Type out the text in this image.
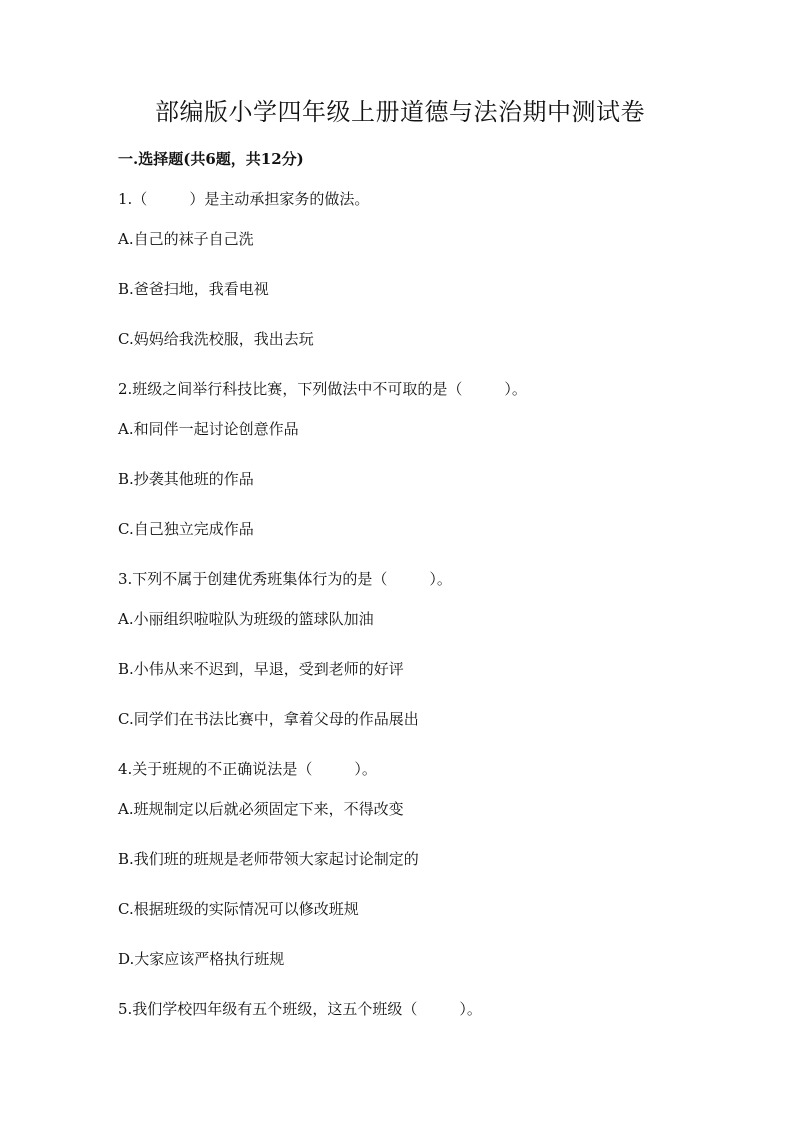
部编版小学四年级上册道德与法治期中测试卷

一.选择题(共6题，共12分)

1.（	）是主动承担家务的做法。

A.自己的袜子自己洗

B.爸爸扫地，我看电视

C.妈妈给我洗校服，我出去玩

2.班级之间举行科技比赛，下列做法中不可取的是（	）。

A.和同伴一起讨论创意作品

B.抄袭其他班的作品

C.自己独立完成作品

3.下列不属于创建优秀班集体行为的是（	）。

A.小丽组织啦啦队为班级的篮球队加油

B.小伟从来不迟到，早退，受到老师的好评

C.同学们在书法比赛中，拿着父母的作品展出

4.关于班规的不正确说法是（	）。

A.班规制定以后就必须固定下来，不得改变

B.我们班的班规是老师带领大家起讨论制定的

C.根据班级的实际情况可以修改班规

D.大家应该严格执行班规

5.我们学校四年级有五个班级，这五个班级（	）。
